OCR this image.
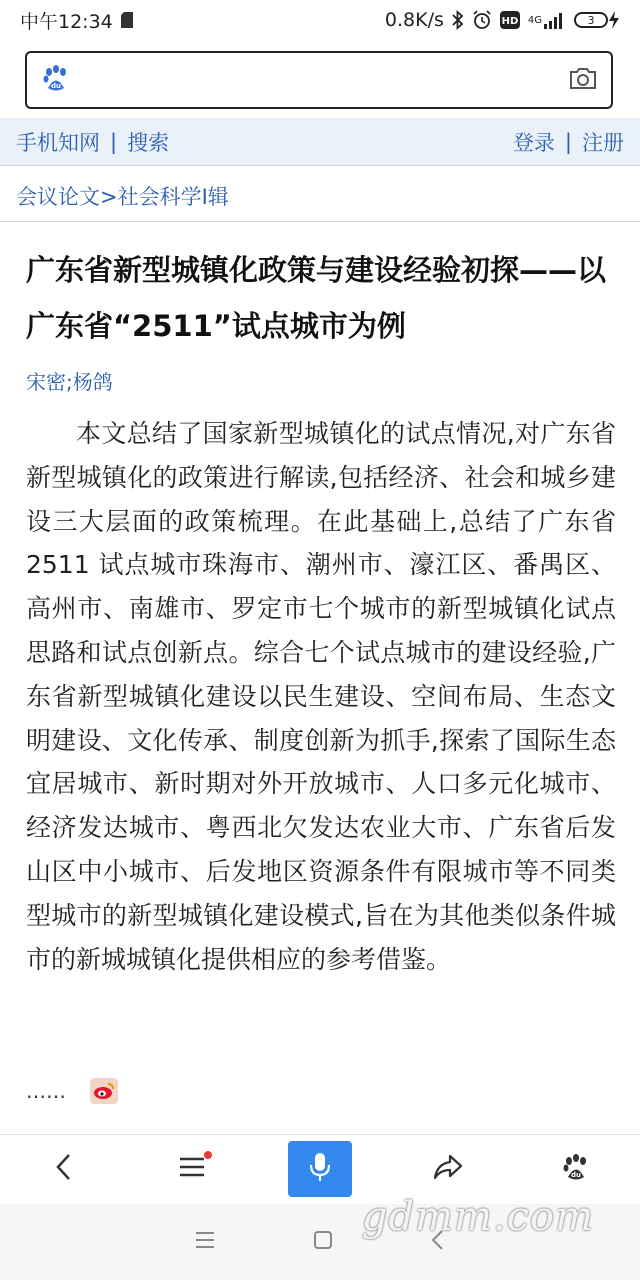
中午12:34	0.8K/s	HD 4G	3
du
手机知网 | 搜索	登录 | 注册
会议论文>社会科学Ⅰ辑
广东省新型城镇化政策与建设经验初探——以广东省“2511”试点城市为例
宋密;杨鸽

本文总结了国家新型城镇化的试点情况,对广东省新型城镇化的政策进行解读,包括经济、社会和城乡建设三大层面的政策梳理。在此基础上,总结了广东省 2511 试点城市珠海市、潮州市、濠江区、番禺区、高州市、南雄市、罗定市七个城市的新型城镇化试点思路和试点创新点。综合七个试点城市的建设经验,广东省新型城镇化建设以民生建设、空间布局、生态文明建设、文化传承、制度创新为抓手,探索了国际生态宜居城市、新时期对外开放城市、人口多元化城市、经济发达城市、粤西北欠发达农业大市、广东省后发山区中小城市、后发地区资源条件有限城市等不同类型城市的新型城镇化建设模式,旨在为其他类似条件城市的新城城镇化提供相应的参考借鉴。

……
du
gdmm.com
